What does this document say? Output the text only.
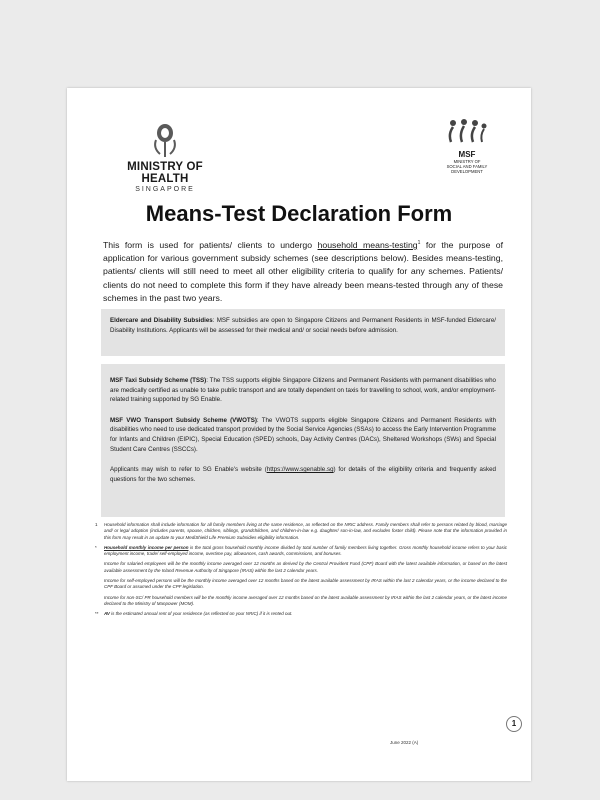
MINISTRY OF HEALTH
SINGAPORE
MSF
MINISTRY OF
SOCIAL AND FAMILY
DEVELOPMENT
Means-Test Declaration Form
This form is used for patients/ clients to undergo household means-testing$^1$ for the purpose of application for various government subsidy schemes (see descriptions below). Besides means-testing, patients/ clients will still need to meet all other eligibility criteria to qualify for any schemes. Patients/ clients do not need to complete this form if they have already been means-tested through any of these schemes in the past two years.
Eldercare and Disability Subsidies: MSF subsidies are open to Singapore Citizens and Permanent Residents in MSF-funded Eldercare/ Disability Institutions. Applicants will be assessed for their medical and/ or social needs before admission.

MSF Taxi Subsidy Scheme (TSS): The TSS supports eligible Singapore Citizens and Permanent Residents with permanent disabilities who are medically certified as unable to take public transport and are totally dependent on taxis for travelling to school, work, and/or employment-related training supported by SG Enable.

MSF VWO Transport Subsidy Scheme (VWOTS): The VWOTS supports eligible Singapore Citizens and Permanent Residents with disabilities who need to use dedicated transport provided by the Social Service Agencies (SSAs) to access the Early Intervention Programme for Infants and Children (EIPIC), Special Education (SPED) schools, Day Activity Centres (DACs), Sheltered Workshops (SWs) and Special Student Care Centres (SSCCs).

Applicants may wish to refer to SG Enable's website (https://www.sgenable.sg) for details of the eligibility criteria and frequently asked questions for the two schemes.

1	Household information shall include information for all family members living at the same residence, as reflected on the NRIC address. Family members shall refer to persons related by blood, marriage and/ or legal adoption (includes parents, spouse, children, siblings, grandchildren, and children-in-law e.g. daughter/ son-in-law, and excludes foster child). Please note that the information provided in this form may result in an update to your MediShield Life Premium Subsidies eligibility information.
*	Household monthly income per person is the total gross household monthly income divided by total number of family members living together. Gross monthly household income refers to your basic employment income, trade/ self-employed income, overtime pay, allowances, cash awards, commissions, and bonuses.
Income for salaried employees will be the monthly income averaged over 12 months as derived by the Central Provident Fund (CPF) Board with the latest available information, or based on the latest available assessment by the Inland Revenue Authority of Singapore (IRAS) within the last 2 calendar years.
Income for self-employed persons will be the monthly income averaged over 12 months based on the latest available assessment by IRAS within the last 2 calendar years, or the income declared to the CPF Board or assumed under the CPF legislation.
Income for non-SC/ PR household members will be the monthly income averaged over 12 months based on the latest available assessment by IRAS within the last 2 calendar years, or the latest income declared to the Ministry of Manpower (MOM).
**	AV is the estimated annual rent of your residence (as reflected on your NRIC) if it is rented out.
1
June 2022 (A)
